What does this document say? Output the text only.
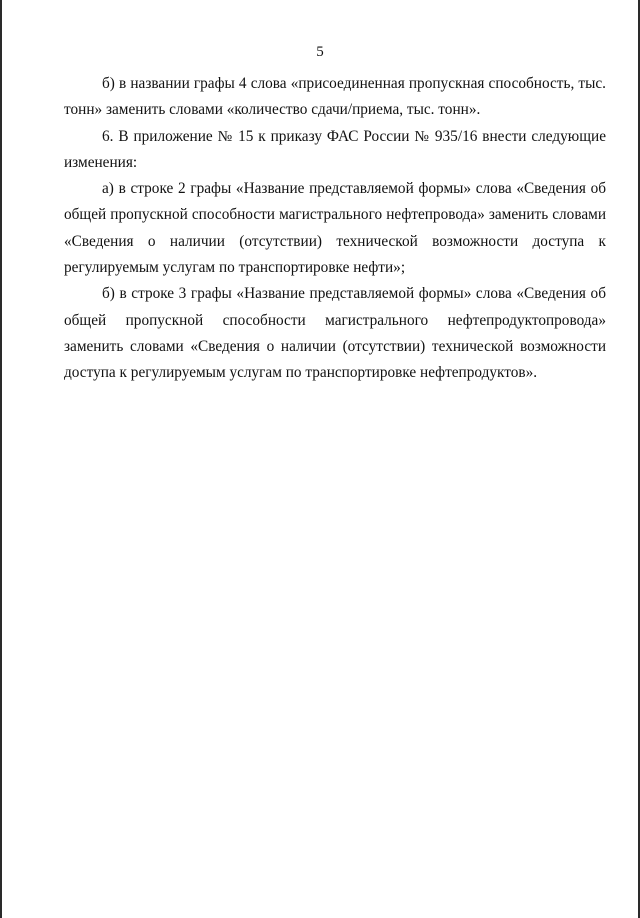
5

б) в названии графы 4 слова «присоединенная пропускная способность, тыс. тонн» заменить словами «количество сдачи/приема, тыс. тонн».

6. В приложение № 15 к приказу ФАС России № 935/16 внести следующие изменения:

а) в строке 2 графы «Название представляемой формы» слова «Сведения об общей пропускной способности магистрального нефтепровода» заменить словами «Сведения о наличии (отсутствии) технической возможности доступа к регулируемым услугам по транспортировке нефти»;

б) в строке 3 графы «Название представляемой формы» слова «Сведения об общей пропускной способности магистрального нефтепродуктопровода» заменить словами «Сведения о наличии (отсутствии) технической возможности доступа к регулируемым услугам по транспортировке нефтепродуктов».
